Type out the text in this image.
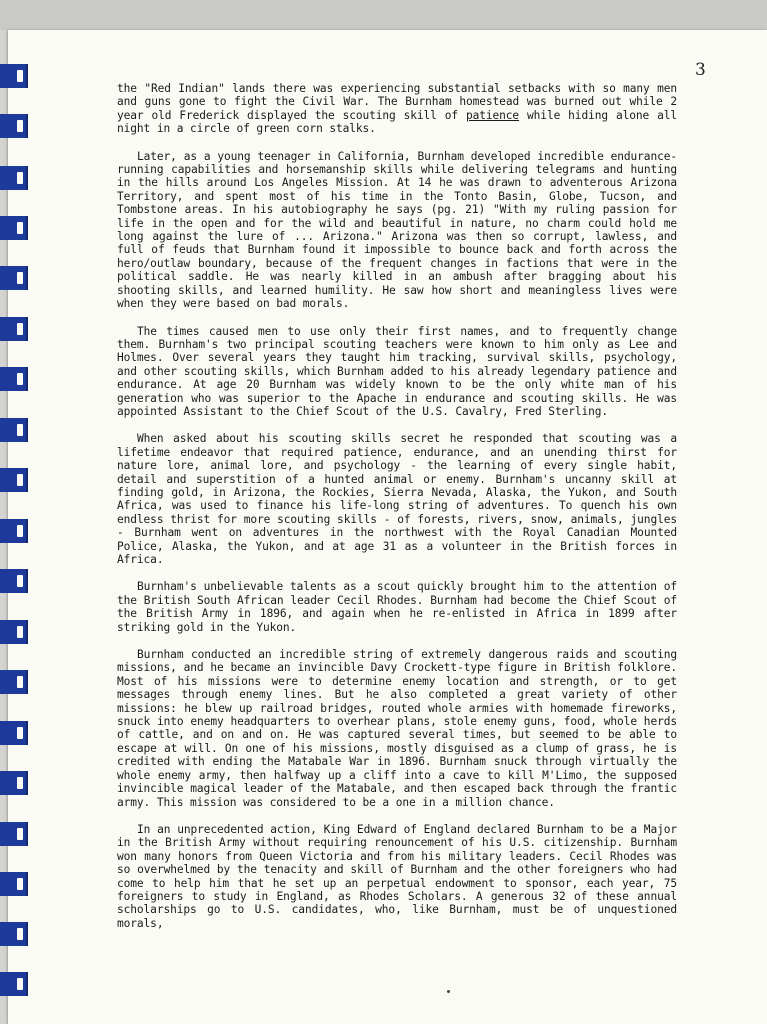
3

the "Red Indian" lands there was experiencing substantial setbacks with so many men and guns gone to fight the Civil War. The Burnham homestead was burned out while 2 year old Frederick displayed the scouting skill of patience while hiding alone all night in a circle of green corn stalks.

Later, as a young teenager in California, Burnham developed incredible endurance-running capabilities and horsemanship skills while delivering telegrams and hunting in the hills around Los Angeles Mission. At 14 he was drawn to adventerous Arizona Territory, and spent most of his time in the Tonto Basin, Globe, Tucson, and Tombstone areas. In his autobiography he says (pg. 21) "With my ruling passion for life in the open and for the wild and beautiful in nature, no charm could hold me long against the lure of ... Arizona." Arizona was then so corrupt, lawless, and full of feuds that Burnham found it impossible to bounce back and forth across the hero/outlaw boundary, because of the frequent changes in factions that were in the political saddle. He was nearly killed in an ambush after bragging about his shooting skills, and learned humility. He saw how short and meaningless lives were when they were based on bad morals.

The times caused men to use only their first names, and to frequently change them. Burnham's two principal scouting teachers were known to him only as Lee and Holmes. Over several years they taught him tracking, survival skills, psychology, and other scouting skills, which Burnham added to his already legendary patience and endurance. At age 20 Burnham was widely known to be the only white man of his generation who was superior to the Apache in endurance and scouting skills. He was appointed Assistant to the Chief Scout of the U.S. Cavalry, Fred Sterling.

When asked about his scouting skills secret he responded that scouting was a lifetime endeavor that required patience, endurance, and an unending thirst for nature lore, animal lore, and psychology - the learning of every single habit, detail and superstition of a hunted animal or enemy. Burnham's uncanny skill at finding gold, in Arizona, the Rockies, Sierra Nevada, Alaska, the Yukon, and South Africa, was used to finance his life-long string of adventures. To quench his own endless thrist for more scouting skills - of forests, rivers, snow, animals, jungles - Burnham went on adventures in the northwest with the Royal Canadian Mounted Police, Alaska, the Yukon, and at age 31 as a volunteer in the British forces in Africa.

Burnham's unbelievable talents as a scout quickly brought him to the attention of the British South African leader Cecil Rhodes. Burnham had become the Chief Scout of the British Army in 1896, and again when he re-enlisted in Africa in 1899 after striking gold in the Yukon.

Burnham conducted an incredible string of extremely dangerous raids and scouting missions, and he became an invincible Davy Crockett-type figure in British folklore. Most of his missions were to determine enemy location and strength, or to get messages through enemy lines. But he also completed a great variety of other missions: he blew up railroad bridges, routed whole armies with homemade fireworks, snuck into enemy headquarters to overhear plans, stole enemy guns, food, whole herds of cattle, and on and on. He was captured several times, but seemed to be able to escape at will. On one of his missions, mostly disguised as a clump of grass, he is credited with ending the Matabale War in 1896. Burnham snuck through virtually the whole enemy army, then halfway up a cliff into a cave to kill M'Limo, the supposed invincible magical leader of the Matabale, and then escaped back through the frantic army. This mission was considered to be a one in a million chance.

In an unprecedented action, King Edward of England declared Burnham to be a Major in the British Army without requiring renouncement of his U.S. citizenship. Burnham won many honors from Queen Victoria and from his military leaders. Cecil Rhodes was so overwhelmed by the tenacity and skill of Burnham and the other foreigners who had come to help him that he set up an perpetual endowment to sponsor, each year, 75 foreigners to study in England, as Rhodes Scholars. A generous 32 of these annual scholarships go to U.S. candidates, who, like Burnham, must be of unquestioned morals,
